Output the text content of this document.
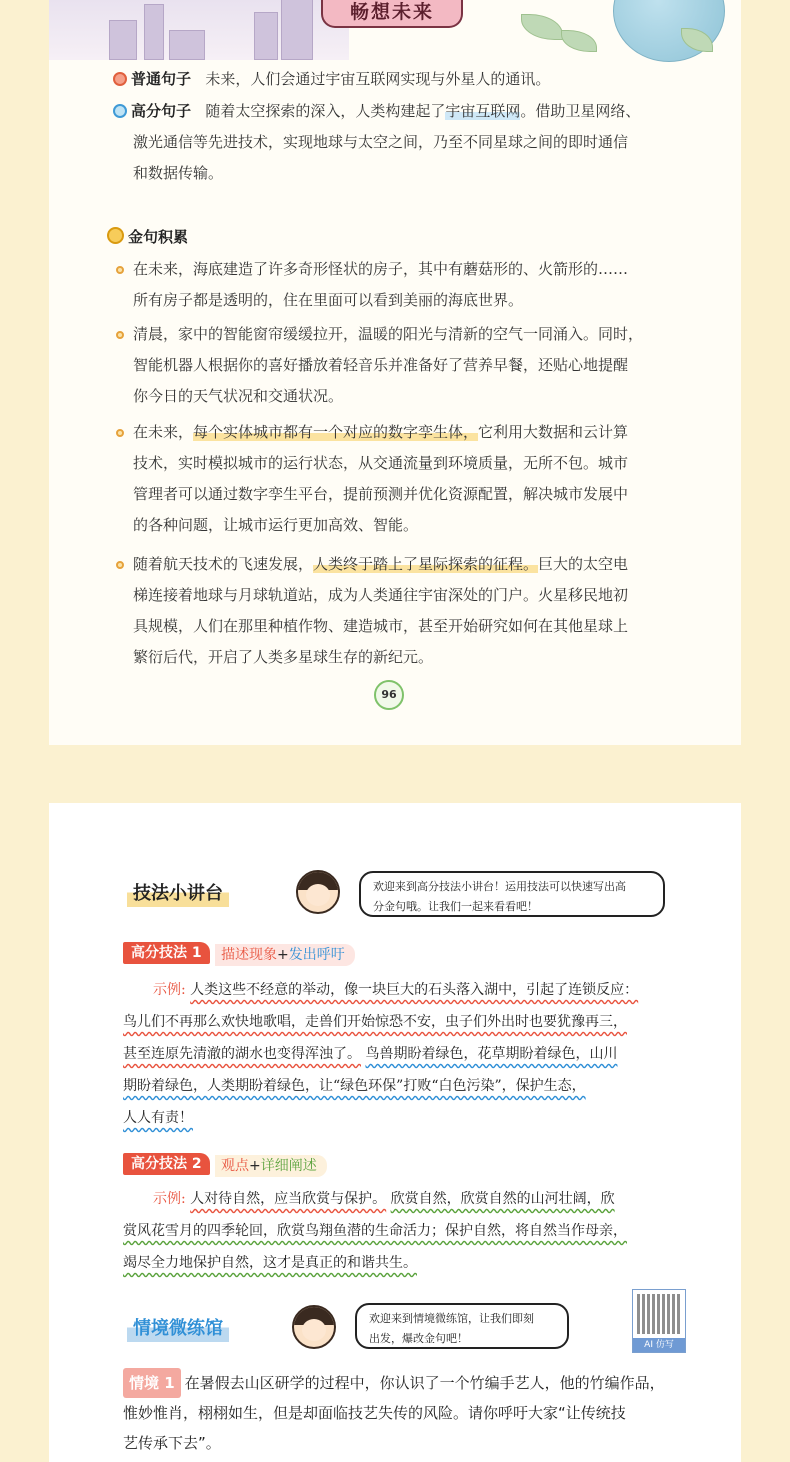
畅想未来
普通句子 未来，人们会通过宇宙互联网实现与外星人的通讯。
高分句子 随着太空探索的深入，人类构建起了宇宙互联网。借助卫星网络、
激光通信等先进技术，实现地球与太空之间，乃至不同星球之间的即时通信
和数据传输。
金句积累
在未来，海底建造了许多奇形怪状的房子，其中有蘑菇形的、火箭形的……
所有房子都是透明的，住在里面可以看到美丽的海底世界。
清晨，家中的智能窗帘缓缓拉开，温暖的阳光与清新的空气一同涌入。同时，
智能机器人根据你的喜好播放着轻音乐并准备好了营养早餐，还贴心地提醒
你今日的天气状况和交通状况。
在未来，每个实体城市都有一个对应的数字孪生体，它利用大数据和云计算
技术，实时模拟城市的运行状态，从交通流量到环境质量，无所不包。城市
管理者可以通过数字孪生平台，提前预测并优化资源配置，解决城市发展中
的各种问题，让城市运行更加高效、智能。
随着航天技术的飞速发展，人类终于踏上了星际探索的征程。巨大的太空电
梯连接着地球与月球轨道站，成为人类通往宇宙深处的门户。火星移民地初
具规模，人们在那里种植作物、建造城市，甚至开始研究如何在其他星球上
繁衍后代，开启了人类多星球生存的新纪元。
96
技法小讲台	欢迎来到高分技法小讲台！运用技法可以快速写出高
分金句哦。让我们一起来看看吧！
高分技法 1	描述现象+发出呼吁
示例: 人类这些不经意的举动，像一块巨大的石头落入湖中，引起了连锁反应：
鸟儿们不再那么欢快地歌唱，走兽们开始惊恐不安，虫子们外出时也要犹豫再三，
甚至连原先清澈的湖水也变得浑浊了。 鸟兽期盼着绿色，花草期盼着绿色，山川
期盼着绿色，人类期盼着绿色，让“绿色环保”打败“白色污染”，保护生态，
人人有责！
高分技法 2	观点+详细阐述
示例: 人对待自然，应当欣赏与保护。 欣赏自然，欣赏自然的山河壮阔，欣
赏风花雪月的四季轮回，欣赏鸟翔鱼潜的生命活力；保护自然，将自然当作母亲，
竭尽全力地保护自然，这才是真正的和谐共生。
情境微练馆	欢迎来到情境微练馆，让我们即刻
出发，爆改金句吧！	AI 仿写
情境 1 在暑假去山区研学的过程中，你认识了一个竹编手艺人，他的竹编作品，
惟妙惟肖，栩栩如生，但是却面临技艺失传的风险。请你呼吁大家“让传统技
艺传承下去”。
